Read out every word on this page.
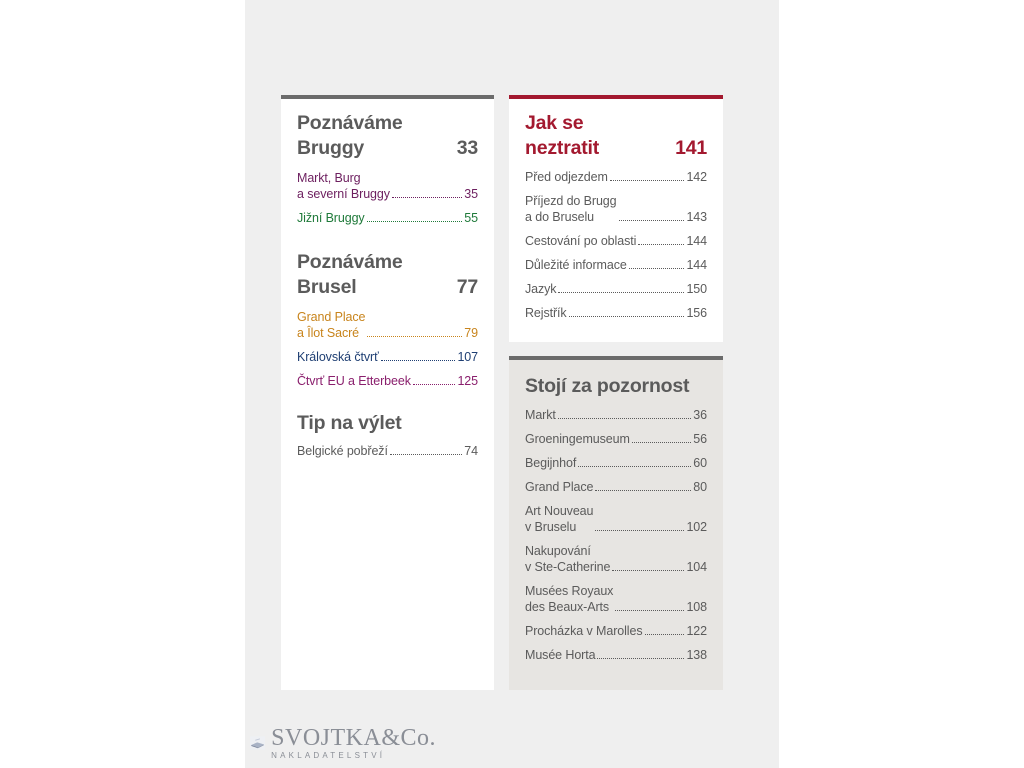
Poznáváme
Bruggy	33
Markt, Burg
a severní Bruggy	35
Jižní Bruggy	55
Poznáváme
Brusel	77
Grand Place
a Îlot Sacré	79
Královská čtvrť	107
Čtvrť EU a Etterbeek	125
Tip na výlet
Belgické pobřeží	74
Jak se
neztratit	141
Před odjezdem	142
Příjezd do Brugg
a do Bruselu	143
Cestování po oblasti	144
Důležité informace	144
Jazyk	150
Rejstřík	156
Stojí za pozornost
Markt	36
Groeningemuseum	56
Begijnhof	60
Grand Place	80
Art Nouveau
v Bruselu	102
Nakupování
v Ste-Catherine	104
Musées Royaux
des Beaux-Arts	108
Procházka v Marolles	122
Musée Horta	138
SVOJTKA&Co.
NAKLADATELSTVÍ
